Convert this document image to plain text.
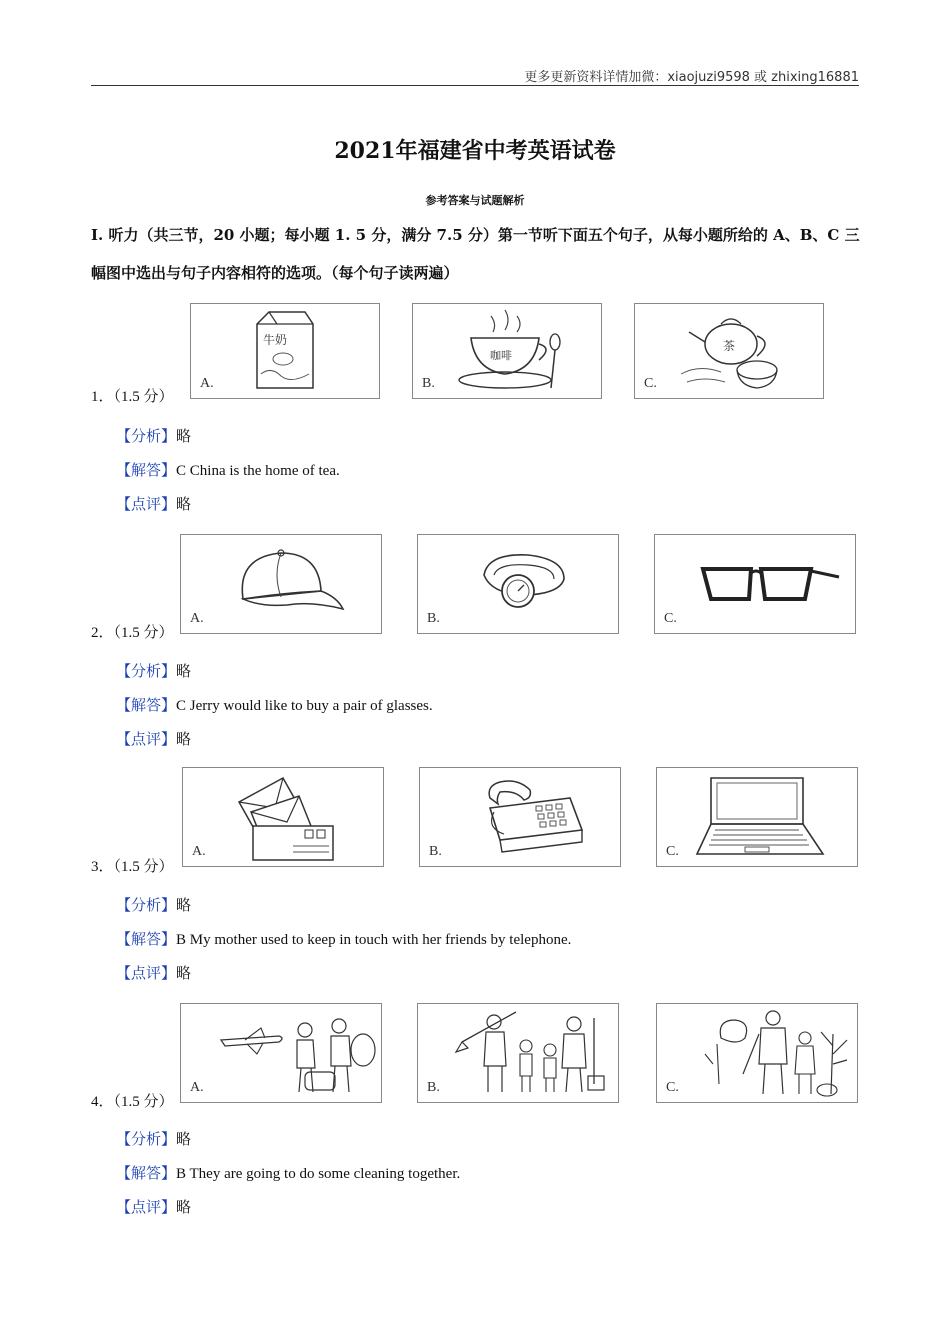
更多更新资料详情加微：xiaojuzi9598 或 zhixing16881
2021年福建省中考英语试卷
参考答案与试题解析
Ⅰ. 听力（共三节，20 小题；每小题 1. 5 分，满分 7.5 分）第一节听下面五个句子，从每小题所给的 A、B、C 三幅图中选出与句子内容相符的选项。（每个句子读两遍）
牛奶
A.
咖啡
B.
茶
C.
1．（1.5 分）
【分析】略
【解答】C China is the home of tea.
【点评】略
A.	B.	C.
2．（1.5 分）
【分析】略
【解答】C Jerry would like to buy a pair of glasses.
【点评】略
A.	B.	C.
3．（1.5 分）
【分析】略
【解答】B My mother used to keep in touch with her friends by telephone.
【点评】略
A.	B.	C.
4．（1.5 分）
【分析】略
【解答】B They are going to do some cleaning together.
【点评】略
